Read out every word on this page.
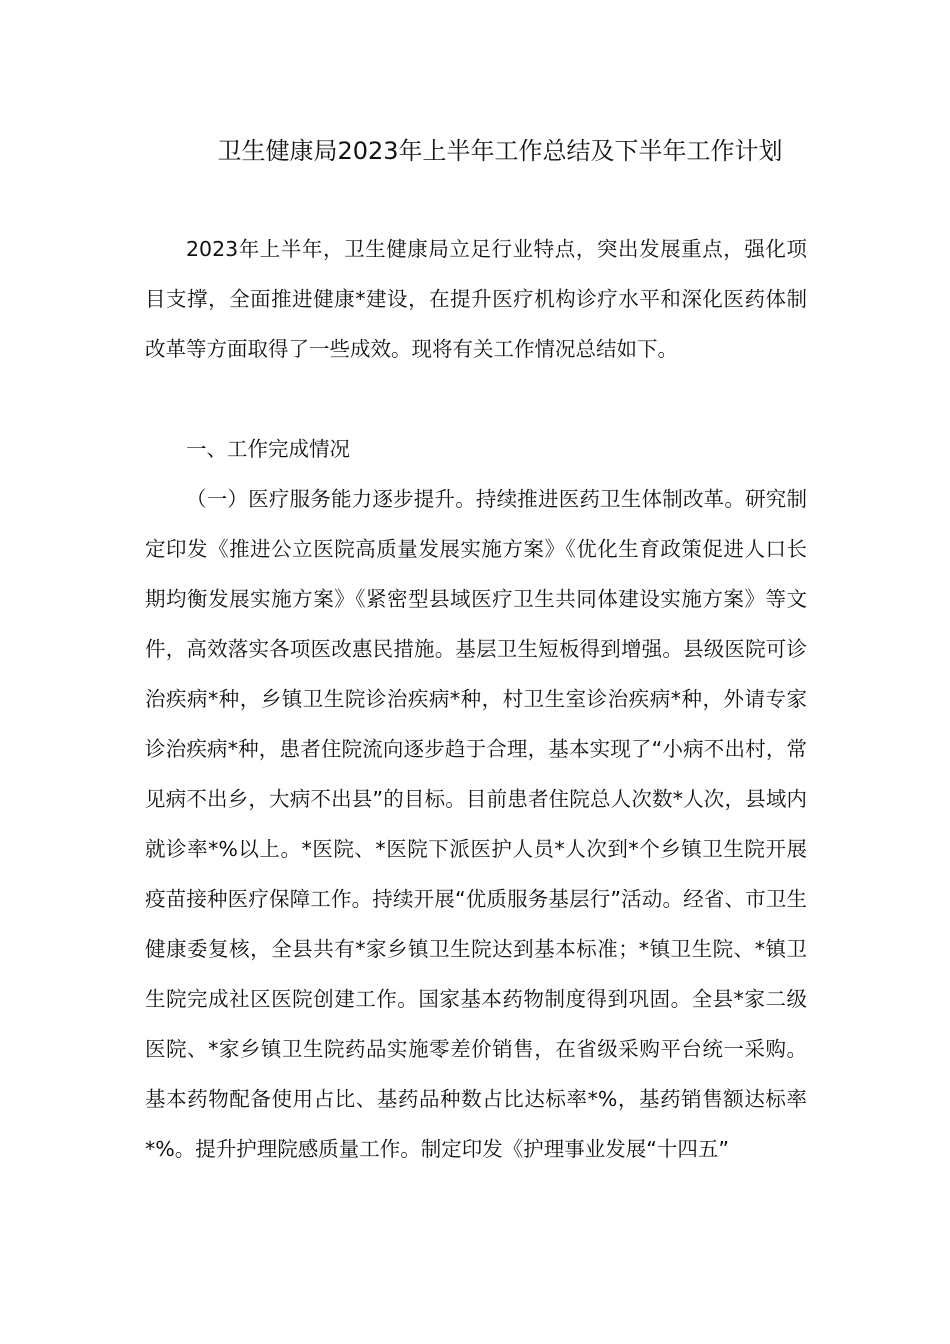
卫生健康局2023年上半年工作总结及下半年工作计划

2023年上半年，卫生健康局立足行业特点，突出发展重点，强化项目支撑，全面推进健康*建设，在提升医疗机构诊疗水平和深化医药体制改革等方面取得了一些成效。现将有关工作情况总结如下。

一、工作完成情况

（一）医疗服务能力逐步提升。持续推进医药卫生体制改革。研究制定印发《推进公立医院高质量发展实施方案》《优化生育政策促进人口长期均衡发展实施方案》《紧密型县域医疗卫生共同体建设实施方案》等文件，高效落实各项医改惠民措施。基层卫生短板得到增强。县级医院可诊治疾病*种，乡镇卫生院诊治疾病*种，村卫生室诊治疾病*种，外请专家诊治疾病*种，患者住院流向逐步趋于合理，基本实现了“小病不出村，常见病不出乡，大病不出县”的目标。目前患者住院总人次数*人次，县域内就诊率*%以上。*医院、*医院下派医护人员*人次到*个乡镇卫生院开展疫苗接种医疗保障工作。持续开展“优质服务基层行”活动。经省、市卫生健康委复核，全县共有*家乡镇卫生院达到基本标准；*镇卫生院、*镇卫生院完成社区医院创建工作。国家基本药物制度得到巩固。全县*家二级医院、*家乡镇卫生院药品实施零差价销售，在省级采购平台统一采购。基本药物配备使用占比、基药品种数占比达标率*%，基药销售额达标率*%。提升护理院感质量工作。制定印发《护理事业发展“十四五”
